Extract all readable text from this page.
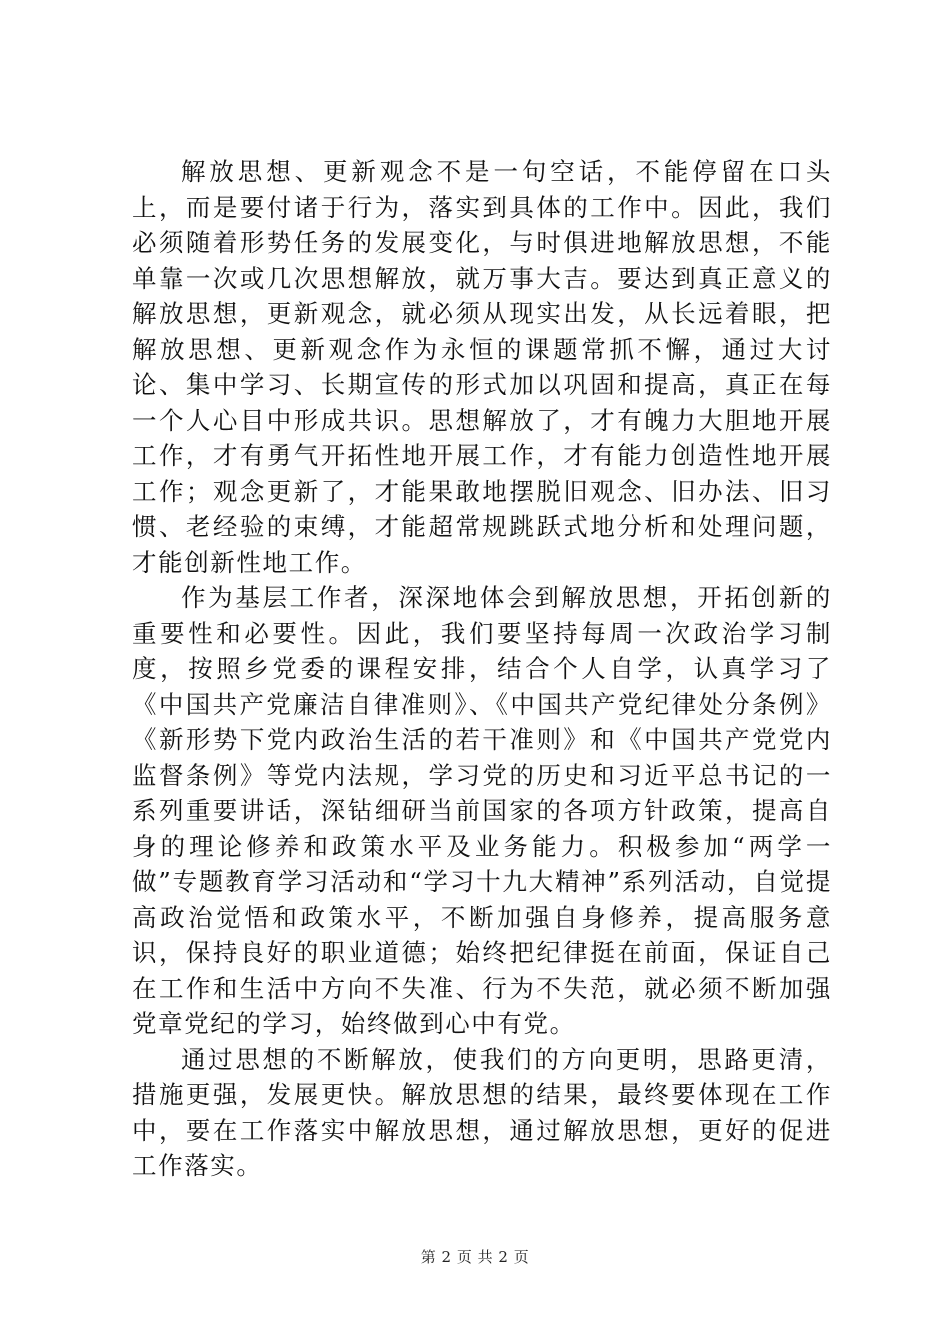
解放思想、更新观念不是一句空话，不能停留在口头上，而是要付诸于行为，落实到具体的工作中。因此，我们必须随着形势任务的发展变化，与时俱进地解放思想，不能单靠一次或几次思想解放，就万事大吉。要达到真正意义的解放思想，更新观念，就必须从现实出发，从长远着眼，把解放思想、更新观念作为永恒的课题常抓不懈，通过大讨论、集中学习、长期宣传的形式加以巩固和提高，真正在每一个人心目中形成共识。思想解放了，才有魄力大胆地开展工作，才有勇气开拓性地开展工作，才有能力创造性地开展工作；观念更新了，才能果敢地摆脱旧观念、旧办法、旧习惯、老经验的束缚，才能超常规跳跃式地分析和处理问题，才能创新性地工作。

作为基层工作者，深深地体会到解放思想，开拓创新的重要性和必要性。因此，我们要坚持每周一次政治学习制度，按照乡党委的课程安排，结合个人自学，认真学习了《中国共产党廉洁自律准则》、《中国共产党纪律处分条例》《新形势下党内政治生活的若干准则》和《中国共产党党内监督条例》等党内法规，学习党的历史和习近平总书记的一系列重要讲话，深钻细研当前国家的各项方针政策，提高自身的理论修养和政策水平及业务能力。积极参加“两学一做”专题教育学习活动和“学习十九大精神”系列活动，自觉提高政治觉悟和政策水平，不断加强自身修养，提高服务意识，保持良好的职业道德；始终把纪律挺在前面，保证自己在工作和生活中方向不失准、行为不失范，就必须不断加强党章党纪的学习，始终做到心中有党。

通过思想的不断解放，使我们的方向更明，思路更清，措施更强，发展更快。解放思想的结果，最终要体现在工作中，要在工作落实中解放思想，通过解放思想，更好的促进工作落实。

第 2 页 共 2 页
